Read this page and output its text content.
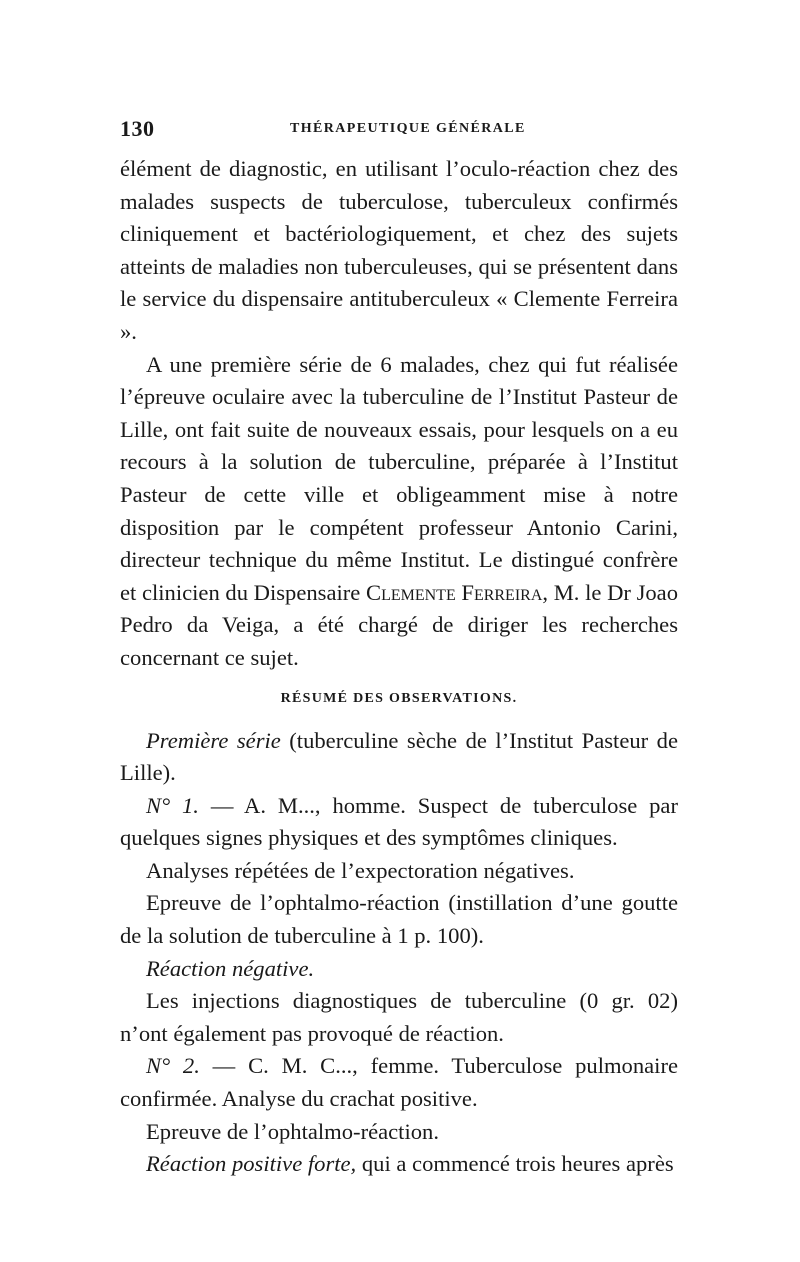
130	THÉRAPEUTIQUE GÉNÉRALE

élément de diagnostic, en utilisant l’oculo-réaction chez des malades suspects de tuberculose, tuberculeux confirmés cliniquement et bactériologiquement, et chez des sujets atteints de maladies non tuberculeuses, qui se présentent dans le service du dispensaire antituberculeux « Clemente Ferreira ».

A une première série de 6 malades, chez qui fut réalisée l’épreuve oculaire avec la tuberculine de l’Institut Pasteur de Lille, ont fait suite de nouveaux essais, pour lesquels on a eu recours à la solution de tuberculine, préparée à l’Institut Pasteur de cette ville et obligeamment mise à notre disposition par le compétent professeur Antonio Carini, directeur technique du même Institut. Le distingué confrère et clinicien du Dispensaire Clemente Ferreira, M. le Dr Joao Pedro da Veiga, a été chargé de diriger les recherches concernant ce sujet.

RÉSUMÉ DES OBSERVATIONS.

Première série (tuberculine sèche de l’Institut Pasteur de Lille).

N° 1. — A. M..., homme. Suspect de tuberculose par quelques signes physiques et des symptômes cliniques.

Analyses répétées de l’expectoration négatives.

Epreuve de l’ophtalmo-réaction (instillation d’une goutte de la solution de tuberculine à 1 p. 100).

Réaction négative.

Les injections diagnostiques de tuberculine (0 gr. 02) n’ont également pas provoqué de réaction.

N° 2. — C. M. C..., femme. Tuberculose pulmonaire confirmée. Analyse du crachat positive.

Epreuve de l’ophtalmo-réaction.

Réaction positive forte, qui a commencé trois heures après
